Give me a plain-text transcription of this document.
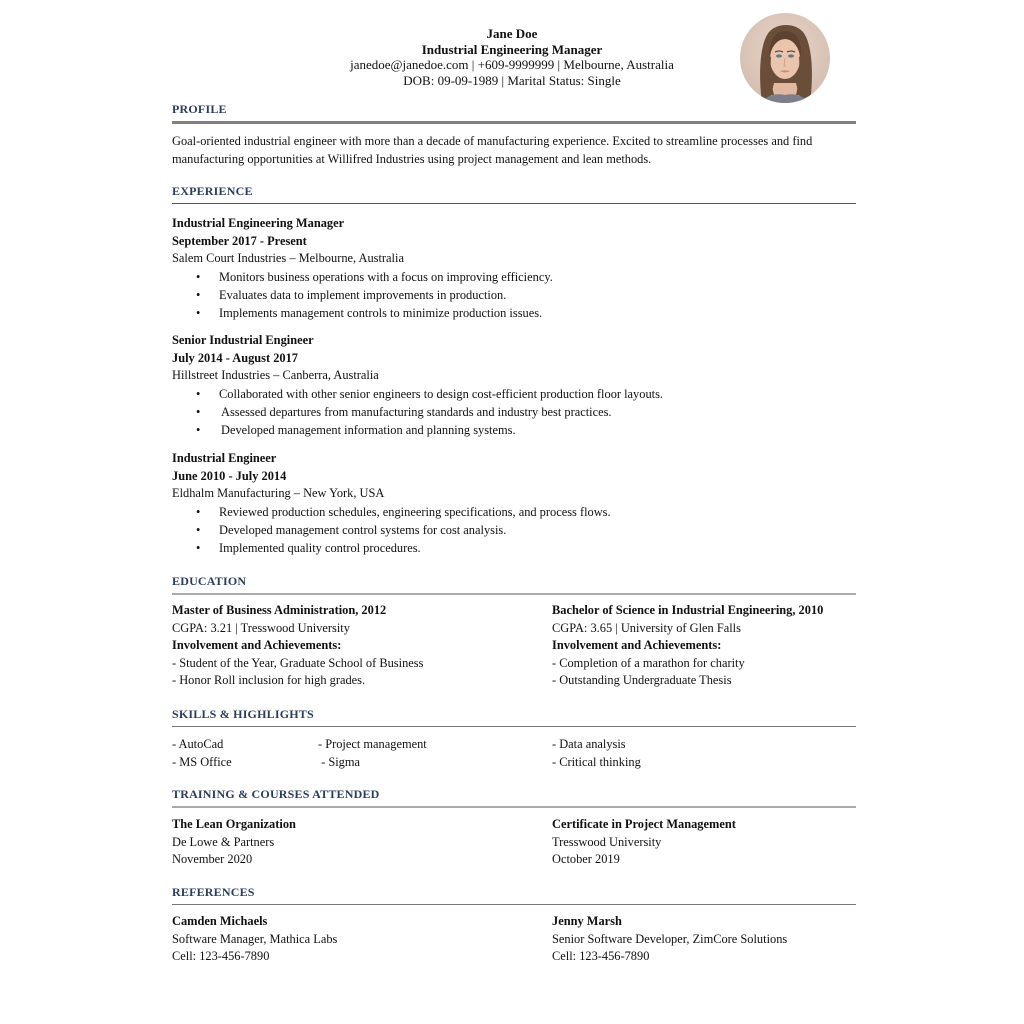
Jane Doe
Industrial Engineering Manager
janedoe@janedoe.com | +609-9999999 | Melbourne, Australia
DOB: 09-09-1989 | Marital Status: Single
PROFILE
Goal-oriented industrial engineer with more than a decade of manufacturing experience. Excited to streamline processes and find manufacturing opportunities at Willifred Industries using project management and lean methods.
EXPERIENCE
Industrial Engineering Manager
September 2017 - Present
Salem Court Industries – Melbourne, Australia
• Monitors business operations with a focus on improving efficiency.
• Evaluates data to implement improvements in production.
• Implements management controls to minimize production issues.
Senior Industrial Engineer
July 2014 - August 2017
Hillstreet Industries – Canberra, Australia
• Collaborated with other senior engineers to design cost-efficient production floor layouts.
• Assessed departures from manufacturing standards and industry best practices.
• Developed management information and planning systems.
Industrial Engineer
June 2010 - July 2014
Eldhalm Manufacturing – New York, USA
• Reviewed production schedules, engineering specifications, and process flows.
• Developed management control systems for cost analysis.
• Implemented quality control procedures.
EDUCATION
Master of Business Administration, 2012
CGPA: 3.21 | Tresswood University
Involvement and Achievements:
- Student of the Year, Graduate School of Business
- Honor Roll inclusion for high grades.
Bachelor of Science in Industrial Engineering, 2010
CGPA: 3.65 | University of Glen Falls
Involvement and Achievements:
- Completion of a marathon for charity
- Outstanding Undergraduate Thesis
SKILLS & HIGHLIGHTS
- AutoCad	- Project management	- Data analysis
- MS Office	- Sigma	- Critical thinking
TRAINING & COURSES ATTENDED
The Lean Organization
De Lowe & Partners
November 2020
Certificate in Project Management
Tresswood University
October 2019
REFERENCES
Camden Michaels
Software Manager, Mathica Labs
Cell: 123-456-7890
Jenny Marsh
Senior Software Developer, ZimCore Solutions
Cell: 123-456-7890
